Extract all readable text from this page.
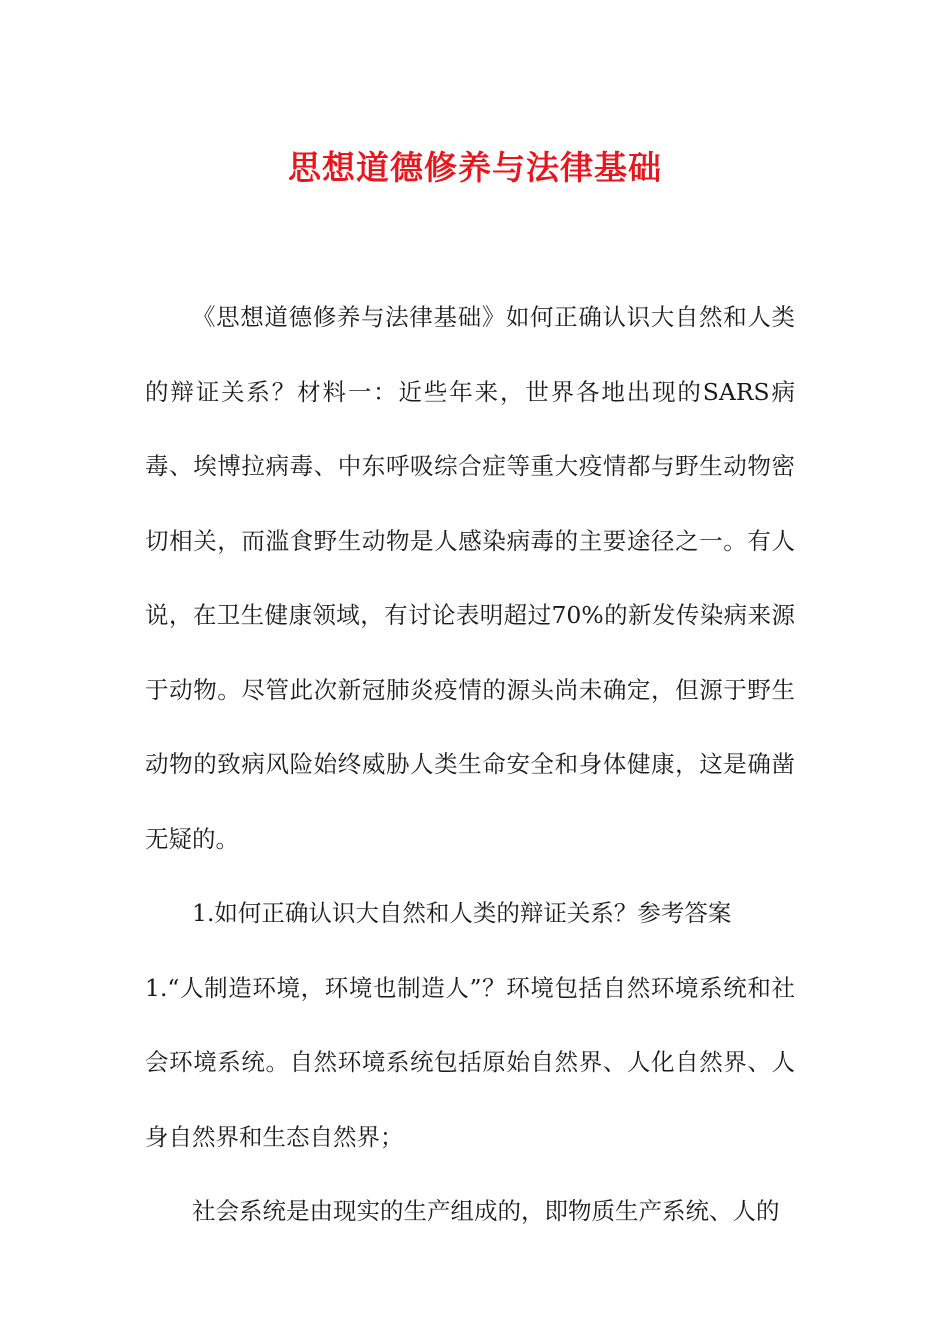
思想道德修养与法律基础

《思想道德修养与法律基础》如何正确认识大自然和人类的辩证关系？材料一：近些年来，世界各地出现的SARS病毒、埃博拉病毒、中东呼吸综合症等重大疫情都与野生动物密切相关，而滥食野生动物是人感染病毒的主要途径之一。有人说，在卫生健康领域，有讨论表明超过70%的新发传染病来源于动物。尽管此次新冠肺炎疫情的源头尚未确定，但源于野生动物的致病风险始终威胁人类生命安全和身体健康，这是确凿无疑的。

1.如何正确认识大自然和人类的辩证关系？参考答案

1.“人制造环境，环境也制造人”？环境包括自然环境系统和社会环境系统。自然环境系统包括原始自然界、人化自然界、人身自然界和生态自然界；

社会系统是由现实的生产组成的，即物质生产系统、人的
